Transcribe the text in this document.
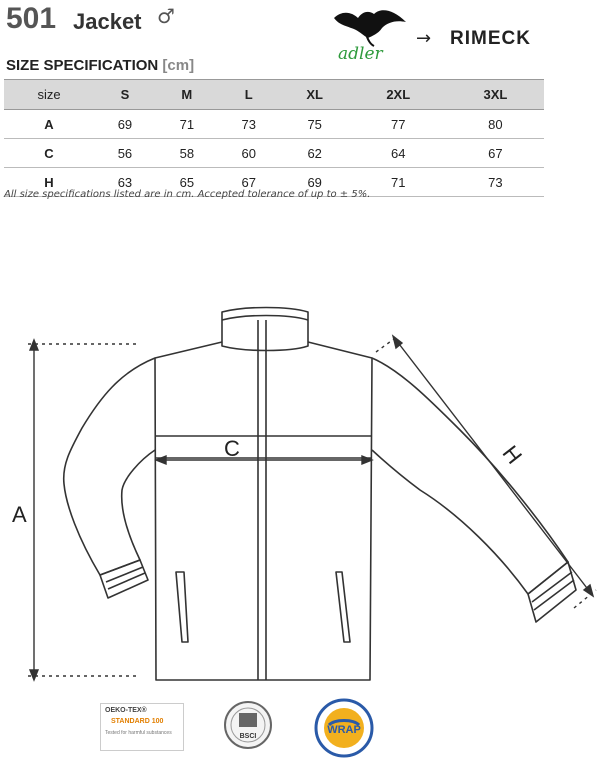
501 Jacket ♂
adler
→ RIMECK
SIZE SPECIFICATION [cm]
size	S	M	L	XL	2XL	3XL
A	69	71	73	75	77	80
C	56	58	60	62	64	67
H	63	65	67	69	71	73
All size specifications listed are in cm. Accepted tolerance of up to ± 5%.
A
C	H
OEKO-TEX®
STANDARD 100
Tested for harmful substances	BSCI
WRAP
